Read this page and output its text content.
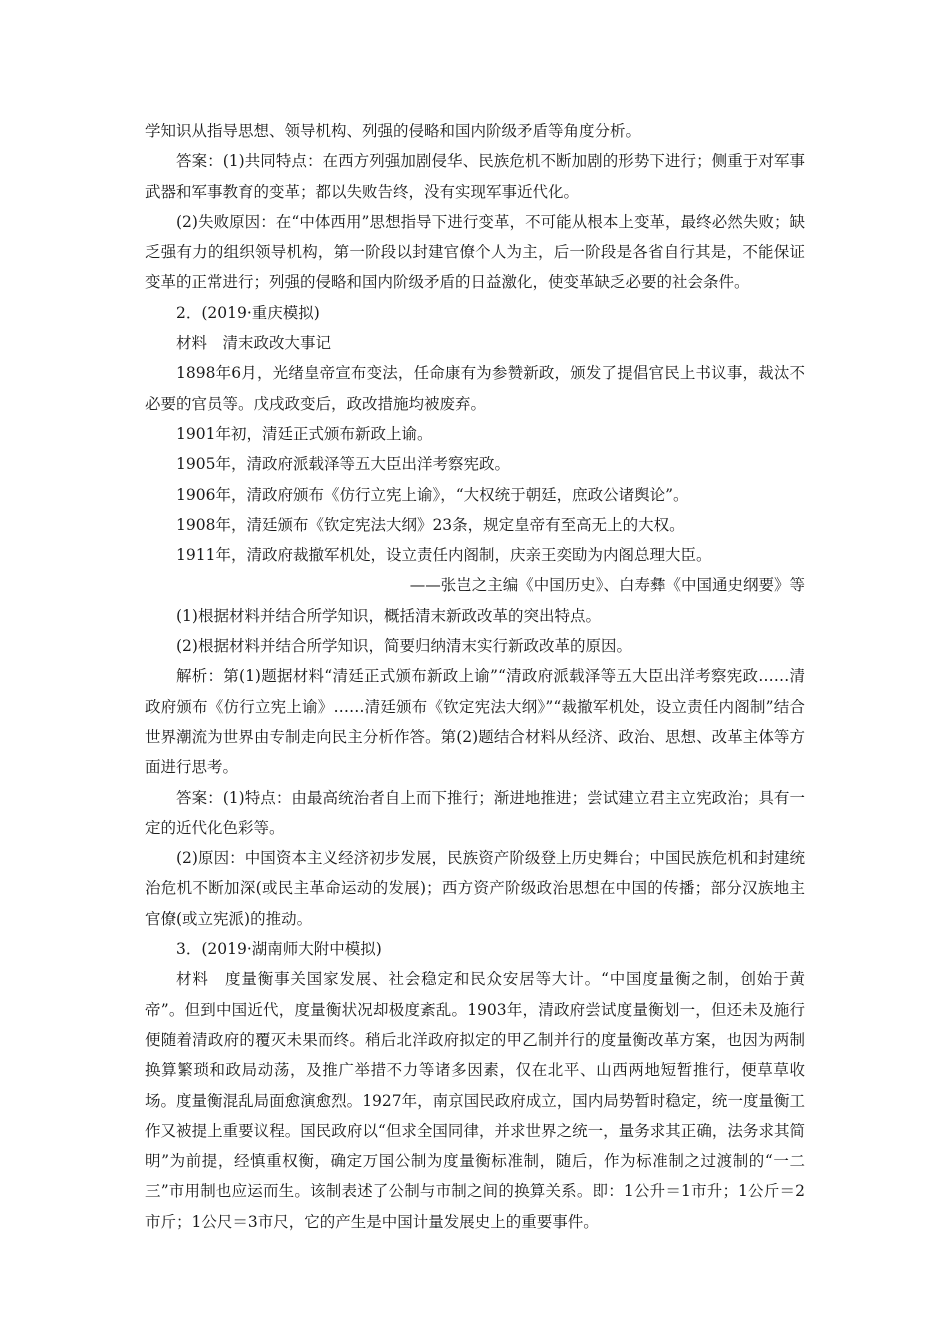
学知识从指导思想、领导机构、列强的侵略和国内阶级矛盾等角度分析。

答案：(1)共同特点：在西方列强加剧侵华、民族危机不断加剧的形势下进行；侧重于对军事武器和军事教育的变革；都以失败告终，没有实现军事近代化。

(2)失败原因：在“中体西用”思想指导下进行变革，不可能从根本上变革，最终必然失败；缺乏强有力的组织领导机构，第一阶段以封建官僚个人为主，后一阶段是各省自行其是，不能保证变革的正常进行；列强的侵略和国内阶级矛盾的日益激化，使变革缺乏必要的社会条件。

2．(2019·重庆模拟)

材料　清末政改大事记

1898年6月，光绪皇帝宣布变法，任命康有为参赞新政，颁发了提倡官民上书议事，裁汰不必要的官员等。戊戌政变后，政改措施均被废弃。

1901年初，清廷正式颁布新政上谕。

1905年，清政府派载泽等五大臣出洋考察宪政。

1906年，清政府颁布《仿行立宪上谕》，“大权统于朝廷，庶政公诸舆论”。

1908年，清廷颁布《钦定宪法大纲》23条，规定皇帝有至高无上的大权。

1911年，清政府裁撤军机处，设立责任内阁制，庆亲王奕劻为内阁总理大臣。

——张岂之主编《中国历史》、白寿彝《中国通史纲要》等

(1)根据材料并结合所学知识，概括清末新政改革的突出特点。

(2)根据材料并结合所学知识，简要归纳清末实行新政改革的原因。

解析：第(1)题据材料“清廷正式颁布新政上谕”“清政府派载泽等五大臣出洋考察宪政……清政府颁布《仿行立宪上谕》……清廷颁布《钦定宪法大纲》”“裁撤军机处，设立责任内阁制”结合世界潮流为世界由专制走向民主分析作答。第(2)题结合材料从经济、政治、思想、改革主体等方面进行思考。

答案：(1)特点：由最高统治者自上而下推行；渐进地推进；尝试建立君主立宪政治；具有一定的近代化色彩等。

(2)原因：中国资本主义经济初步发展，民族资产阶级登上历史舞台；中国民族危机和封建统治危机不断加深(或民主革命运动的发展)；西方资产阶级政治思想在中国的传播；部分汉族地主官僚(或立宪派)的推动。

3．(2019·湖南师大附中模拟)

材料　度量衡事关国家发展、社会稳定和民众安居等大计。“中国度量衡之制，创始于黄帝”。但到中国近代，度量衡状况却极度紊乱。1903年，清政府尝试度量衡划一，但还未及施行便随着清政府的覆灭未果而终。稍后北洋政府拟定的甲乙制并行的度量衡改革方案，也因为两制换算繁琐和政局动荡，及推广举措不力等诸多因素，仅在北平、山西两地短暂推行，便草草收场。度量衡混乱局面愈演愈烈。1927年，南京国民政府成立，国内局势暂时稳定，统一度量衡工作又被提上重要议程。国民政府以“但求全国同律，并求世界之统一，量务求其正确，法务求其简明”为前提，经慎重权衡，确定万国公制为度量衡标准制，随后，作为标准制之过渡制的“一二三”市用制也应运而生。该制表述了公制与市制之间的换算关系。即：1公升＝1市升；1公斤＝2市斤；1公尺＝3市尺，它的产生是中国计量发展史上的重要事件。
